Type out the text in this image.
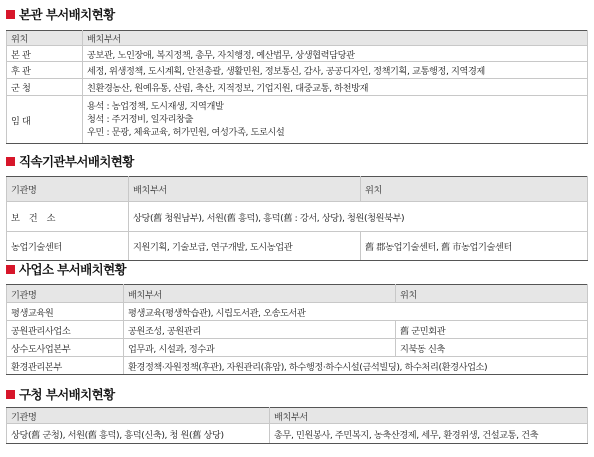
본관 부서배치현황
위치	배치부서
본 관	공보관, 노인장애, 복지정책, 총무, 자치행정, 예산법무, 상생협력담당관
후 관	세정, 위생정책, 도시계획, 안전총괄, 생활민원, 정보통신, 감사, 공공디자인, 정책기획, 교통행정, 지역경제
군 청	친환경농산, 원예유통, 산림, 축산, 지적정보, 기업지원, 대중교통, 하천방재
임 대	용석 : 농업정책, 도시재생, 지역개발
청석 : 주거정비, 일자리창출
우민 : 문광, 체육교육, 허가민원, 여성가족, 도로시설
직속기관부서배치현황
기관명	배치부서	위치
보 건 소	상당(舊 청원남부), 서원(舊 흥덕), 흥덕(舊 : 강서, 상당), 청원(청원북부)	
농업기술센터	지원기획, 기술보급, 연구개발, 도시농업관	舊 郡농업기술센터, 舊 市농업기술센터
사업소 부서배치현황
기관명	배치부서	위치
평생교육원	평생교육(평생학습관), 시립도서관, 오송도서관	
공원관리사업소	공원조성, 공원관리	舊 군민회관
상수도사업본부	업무과, 시설과, 정수과	지북동 신축
환경관리본부	환경정책·자원정책(후관), 자원관리(휴암), 하수행정·하수시설(금석빌딩), 하수처리(환경사업소)	
구청 부서배치현황
기관명	배치부서
상당(舊 군청), 서원(舊 흥덕), 흥덕(신축), 청 원(舊 상당)	총무, 민원봉사, 주민복지, 농축산경제, 세무, 환경위생, 건설교통, 건축
